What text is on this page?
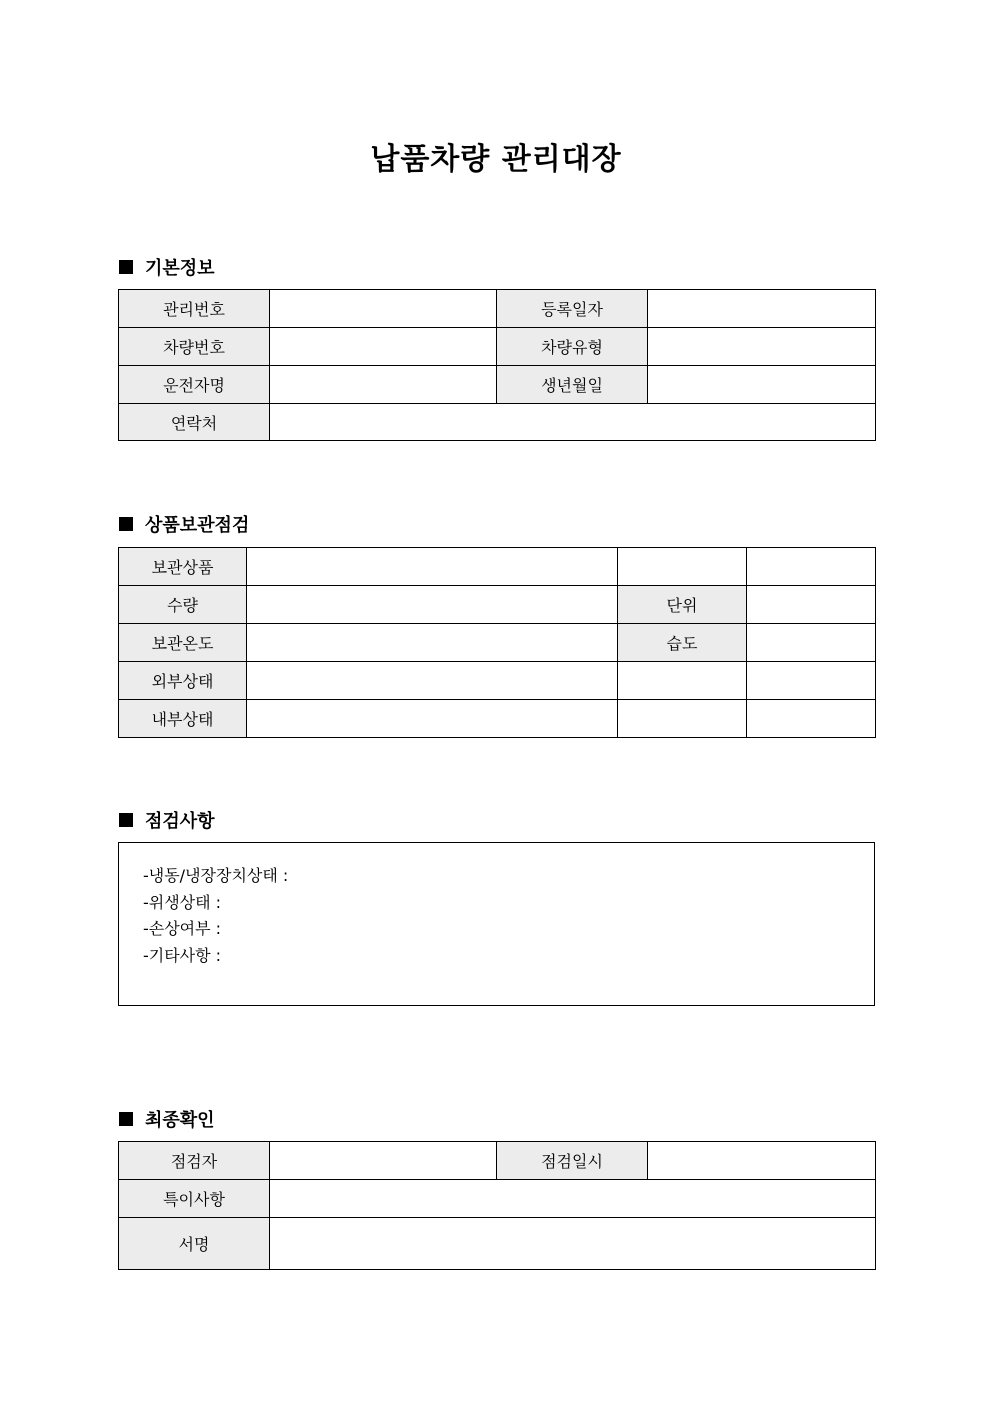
납품차량 관리대장
기본정보
관리번호		등록일자	
차량번호		차량유형	
운전자명		생년월일	
연락처			
상품보관점검
보관상품			
수량		단위	
보관온도		습도	
외부상태			
내부상태			
점검사항
-냉동/냉장장치상태 :
-위생상태 :
-손상여부 :
-기타사항 :
최종확인
점검자		점검일시	
특이사항			
서명			
